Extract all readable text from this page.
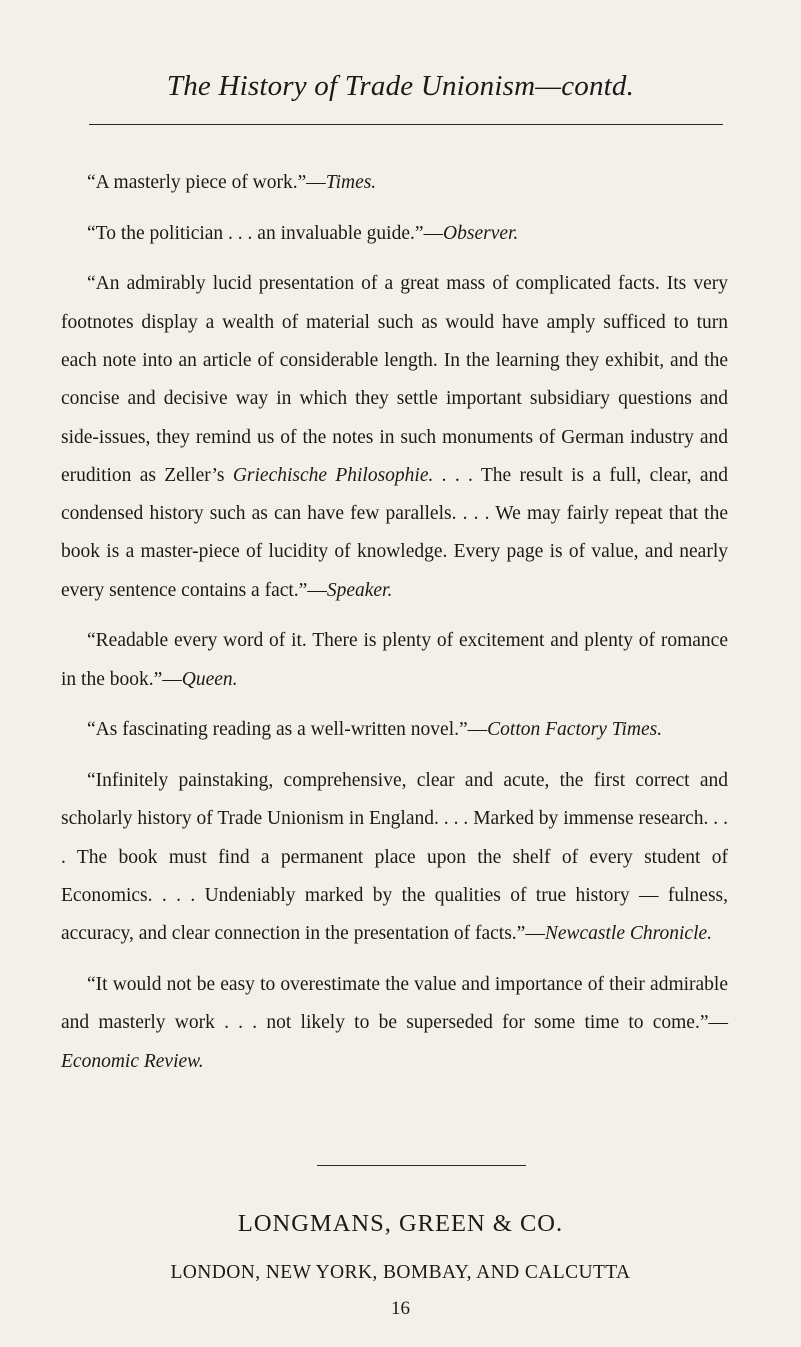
The History of Trade Unionism—contd.

“A masterly piece of work.”—Times.

“To the politician . . . an invaluable guide.”—Observer.

“An admirably lucid presentation of a great mass of complicated facts. Its very footnotes display a wealth of material such as would have amply sufficed to turn each note into an article of considerable length. In the learning they exhibit, and the concise and decisive way in which they settle important subsidiary questions and side-issues, they remind us of the notes in such monuments of German industry and erudition as Zeller’s Griechische Philosophie. . . . The result is a full, clear, and condensed history such as can have few parallels. . . . We may fairly repeat that the book is a master-piece of lucidity of knowledge. Every page is of value, and nearly every sentence contains a fact.”—Speaker.

“Readable every word of it. There is plenty of excitement and plenty of romance in the book.”—Queen.

“As fascinating reading as a well-written novel.”—Cotton Factory Times.

“Infinitely painstaking, comprehensive, clear and acute, the first correct and scholarly history of Trade Unionism in England. . . . Marked by immense research. . . . The book must find a permanent place upon the shelf of every student of Economics. . . . Undeniably marked by the qualities of true history — fulness, accuracy, and clear connection in the presentation of facts.”—Newcastle Chronicle.

“It would not be easy to overestimate the value and importance of their admirable and masterly work . . . not likely to be superseded for some time to come.”—Economic Review.

LONGMANS, GREEN & CO.
LONDON, NEW YORK, BOMBAY, AND CALCUTTA
16
